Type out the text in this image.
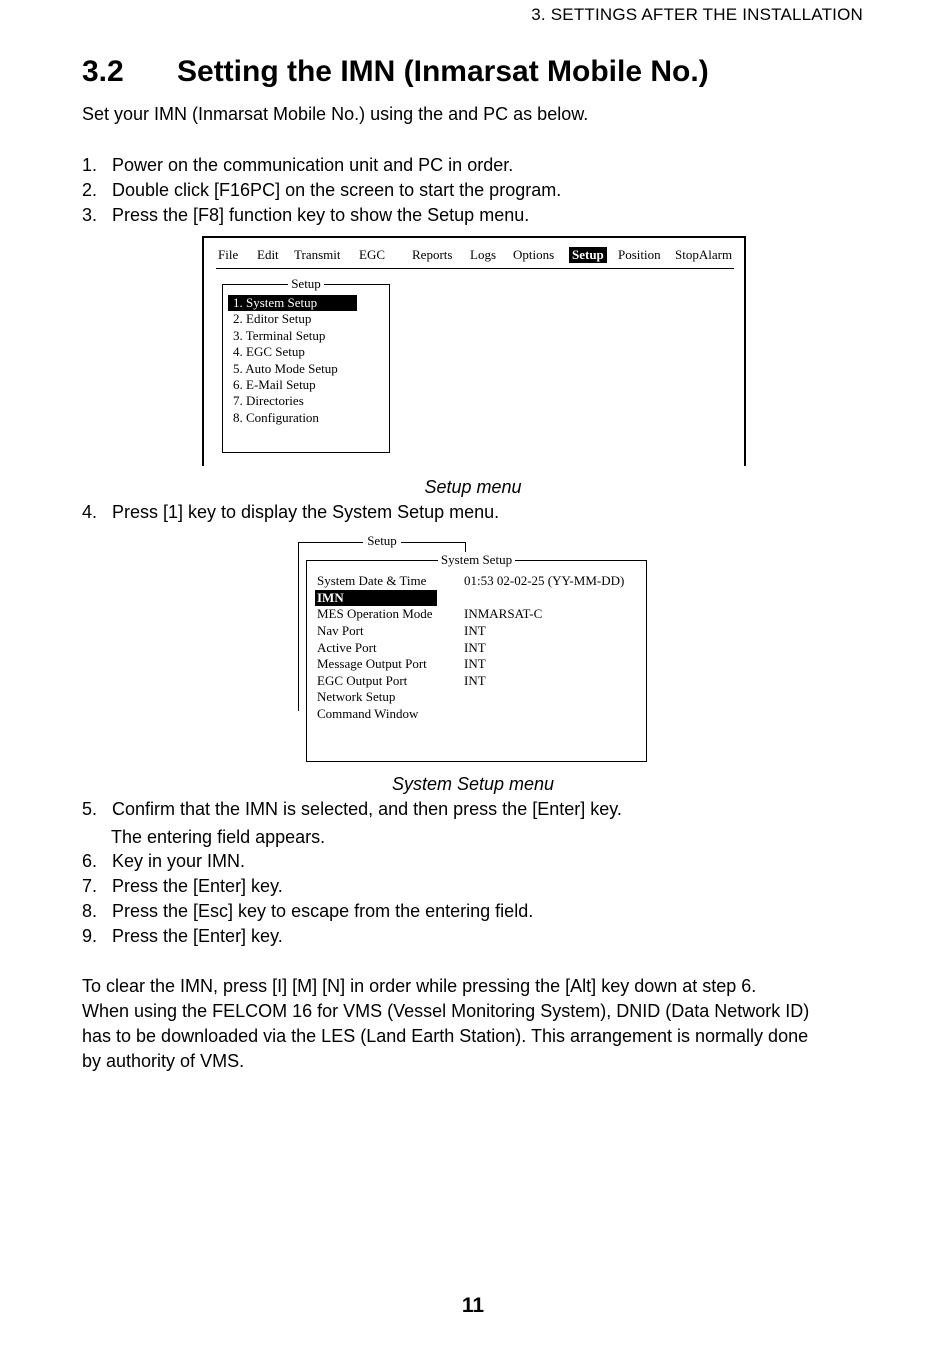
3. SETTINGS AFTER THE INSTALLATION
3.2 Setting the IMN (Inmarsat Mobile No.)

Set your IMN (Inmarsat Mobile No.) using the and PC as below.

1. Power on the communication unit and PC in order.
2. Double click [F16PC] on the screen to start the program.
3. Press the [F8] function key to show the Setup menu.
File Edit Transmit EGC Reports Logs Options Setup Position StopAlarm
Setup
1. System Setup
2. Editor Setup
3. Terminal Setup
4. EGC Setup
5. Auto Mode Setup
6. E-Mail Setup
7. Directories
8. Configuration
Setup menu
4. Press [1] key to display the System Setup menu.
Setup
System Setup
System Date & Time	01:53 02-02-25 (YY-MM-DD)
IMN
MES Operation Mode INMARSAT-C
Nav Port	INT
Active Port	INT
Message Output Port	INT
EGC Output Port	INT
Network Setup
Command Window
System Setup menu
5. Confirm that the IMN is selected, and then press the [Enter] key.
The entering field appears.
6. Key in your IMN.
7. Press the [Enter] key.
8. Press the [Esc] key to escape from the entering field.
9. Press the [Enter] key.

To clear the IMN, press [I] [M] [N] in order while pressing the [Alt] key down at step 6.

When using the FELCOM 16 for VMS (Vessel Monitoring System), DNID (Data Network ID)

has to be downloaded via the LES (Land Earth Station). This arrangement is normally done

by authority of VMS.

11
